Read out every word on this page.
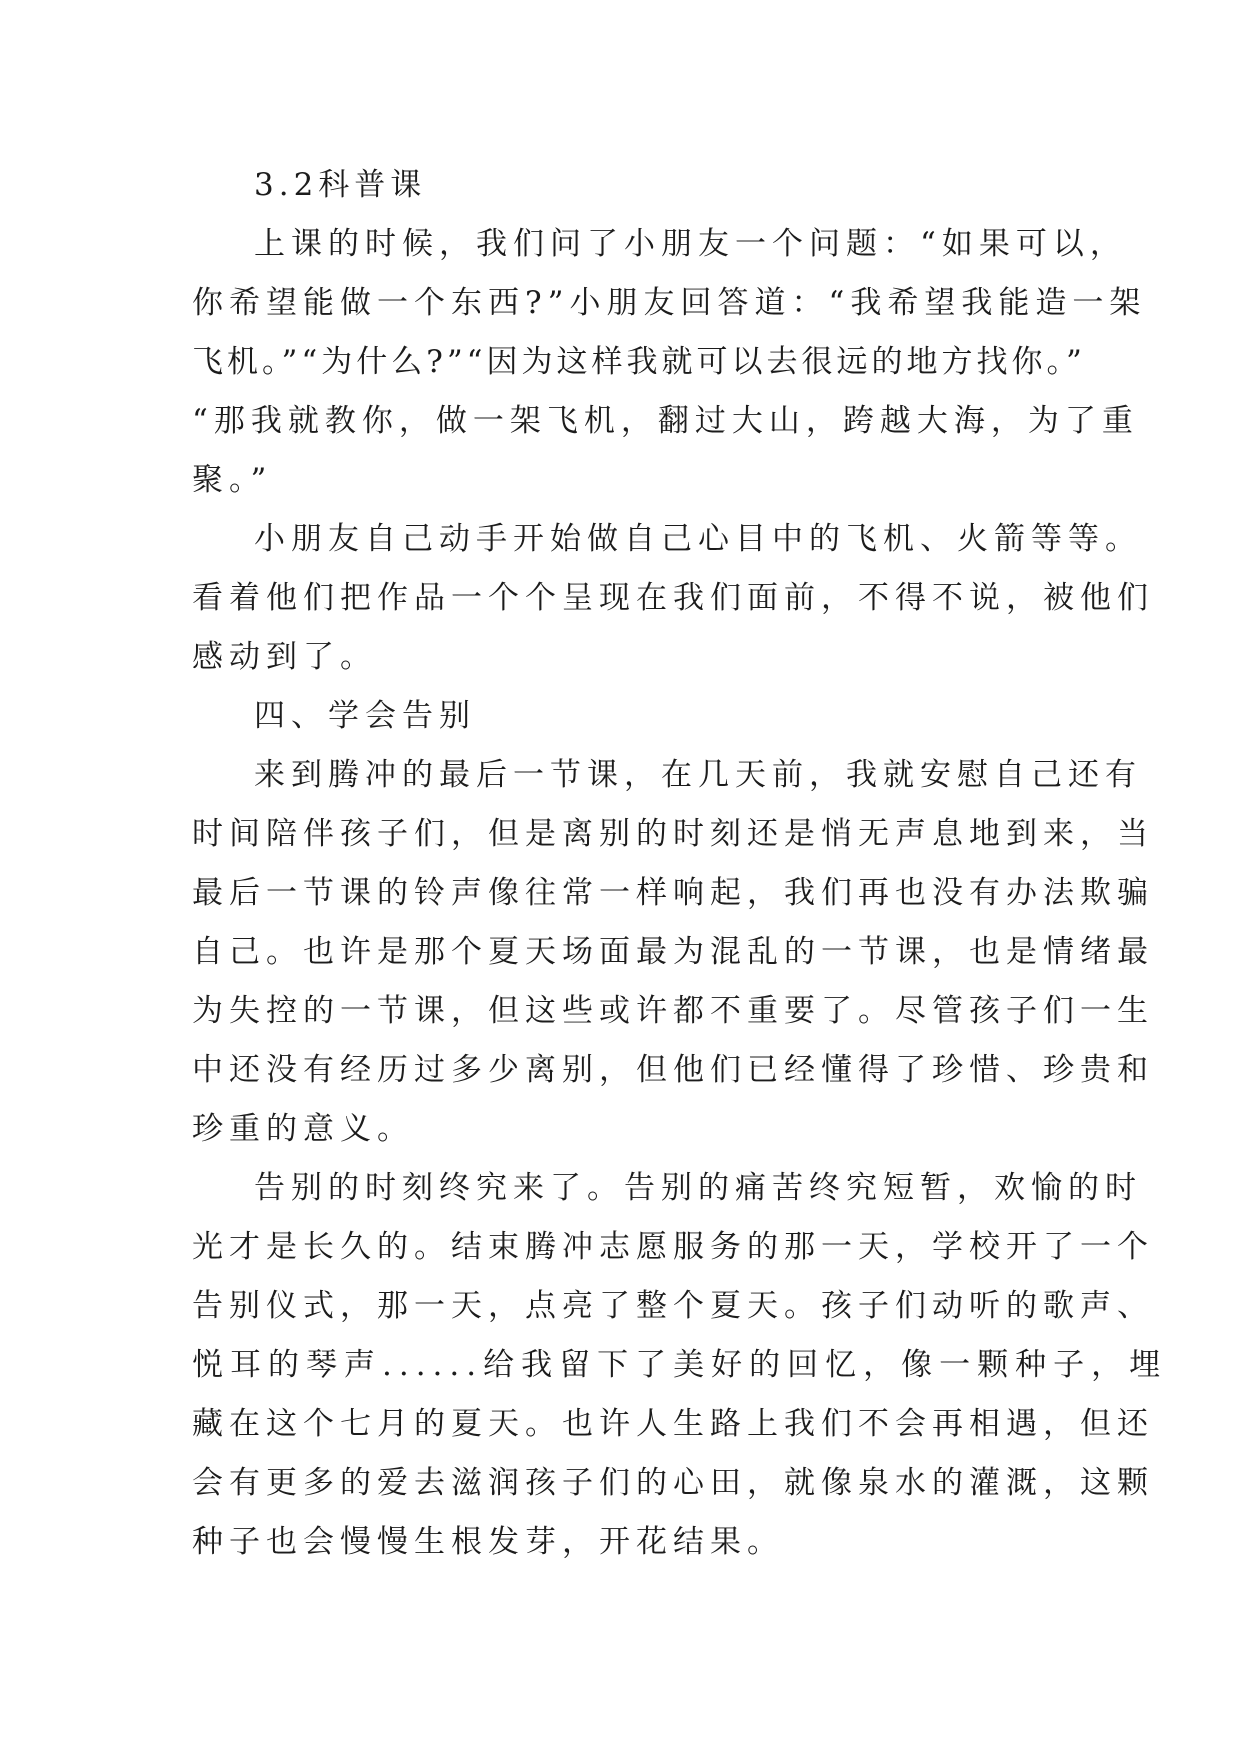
3.2科普课
上课的时候，我们问了小朋友一个问题：“如果可以，
你希望能做一个东西?”小朋友回答道：“我希望我能造一架
飞机。”“为什么?”“因为这样我就可以去很远的地方找你。”
“那我就教你，做一架飞机，翻过大山，跨越大海，为了重
聚。”
小朋友自己动手开始做自己心目中的飞机、火箭等等。
看着他们把作品一个个呈现在我们面前，不得不说，被他们
感动到了。
四、学会告别
来到腾冲的最后一节课，在几天前，我就安慰自己还有
时间陪伴孩子们，但是离别的时刻还是悄无声息地到来，当
最后一节课的铃声像往常一样响起，我们再也没有办法欺骗
自己。也许是那个夏天场面最为混乱的一节课，也是情绪最
为失控的一节课，但这些或许都不重要了。尽管孩子们一生
中还没有经历过多少离别，但他们已经懂得了珍惜、珍贵和
珍重的意义。
告别的时刻终究来了。告别的痛苦终究短暂，欢愉的时
光才是长久的。结束腾冲志愿服务的那一天，学校开了一个
告别仪式，那一天，点亮了整个夏天。孩子们动听的歌声、
悦耳的琴声......给我留下了美好的回忆，像一颗种子，埋
藏在这个七月的夏天。也许人生路上我们不会再相遇，但还
会有更多的爱去滋润孩子们的心田，就像泉水的灌溉，这颗
种子也会慢慢生根发芽，开花结果。
